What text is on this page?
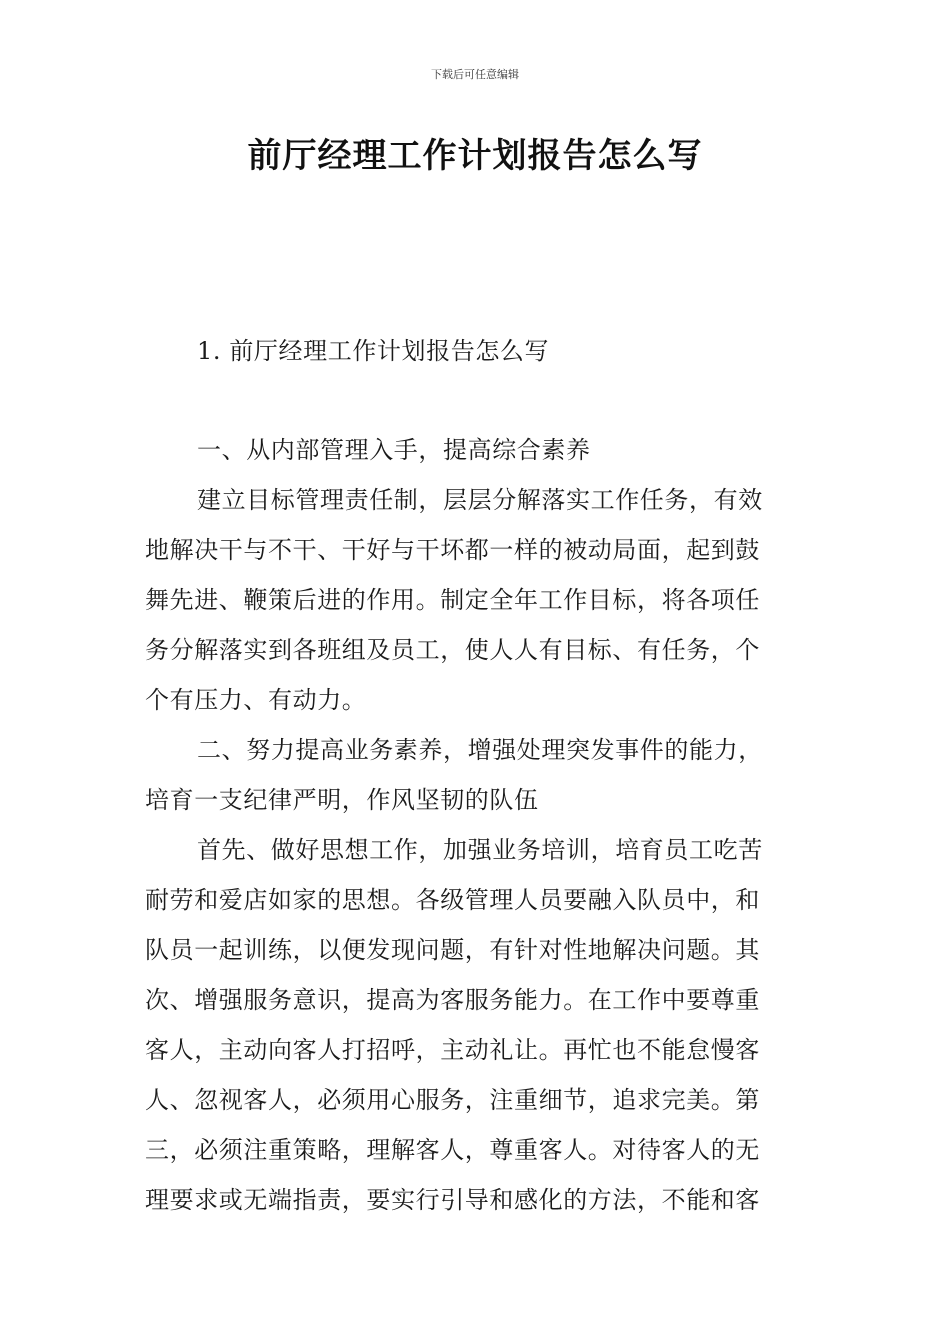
下载后可任意编辑
前厅经理工作计划报告怎么写
1. 前厅经理工作计划报告怎么写
一、从内部管理入手，提高综合素养
建立目标管理责任制，层层分解落实工作任务，有效
地解决干与不干、干好与干坏都一样的被动局面，起到鼓
舞先进、鞭策后进的作用。制定全年工作目标，将各项任
务分解落实到各班组及员工，使人人有目标、有任务，个
个有压力、有动力。
二、努力提高业务素养，增强处理突发事件的能力，
培育一支纪律严明，作风坚韧的队伍
首先、做好思想工作，加强业务培训，培育员工吃苦
耐劳和爱店如家的思想。各级管理人员要融入队员中，和
队员一起训练，以便发现问题，有针对性地解决问题。其
次、增强服务意识，提高为客服务能力。在工作中要尊重
客人，主动向客人打招呼，主动礼让。再忙也不能怠慢客
人、忽视客人，必须用心服务，注重细节，追求完美。第
三，必须注重策略，理解客人，尊重客人。对待客人的无
理要求或无端指责，要实行引导和感化的方法，不能和客
